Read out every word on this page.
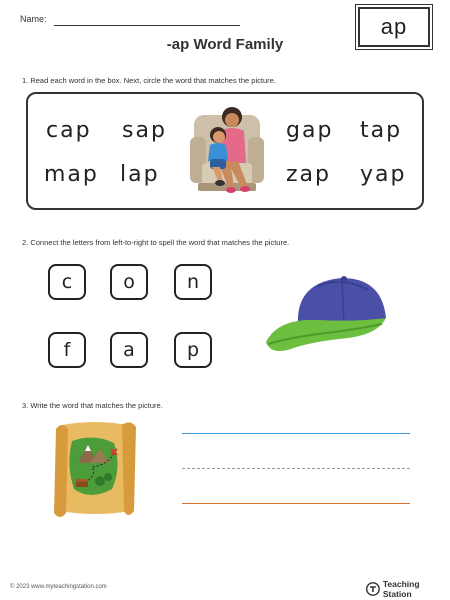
Name:
-ap Word Family
ap
1. Read each word in the box. Next, circle the word that matches the picture.
cap sap	gap tap
map lap	zap yap
2. Connect the letters from left-to-right to spell the word that matches the picture.
c	o	n
f	a	p
3. Write the word that matches the picture.
© 2023 www.myteachingstation.com	Teaching Station
